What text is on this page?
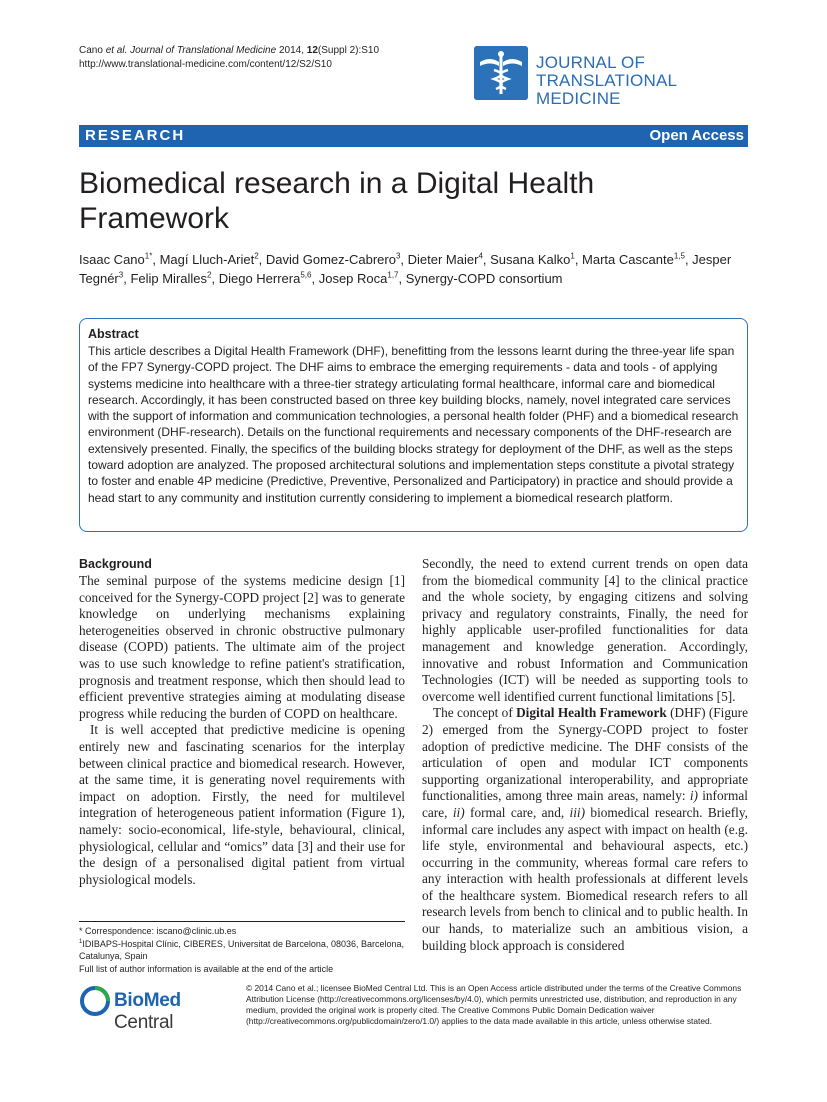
Cano et al. Journal of Translational Medicine 2014, 12(Suppl 2):S10
http://www.translational-medicine.com/content/12/S2/S10	JOURNAL OF
TRANSLATIONAL MEDICINE
RESEARCH	Open Access
Biomedical research in a Digital Health Framework
Isaac Cano$^{1*}$, Magí Lluch-Ariet$^2$, David Gomez-Cabrero$^3$, Dieter Maier$^4$, Susana Kalko$^1$, Marta Cascante$^{1,5}$, Jesper Tegnér$^3$, Felip Miralles$^2$, Diego Herrera$^{5,6}$, Josep Roca$^{1,7}$, Synergy-COPD consortium
Abstract
This article describes a Digital Health Framework (DHF), benefitting from the lessons learnt during the three-year life span of the FP7 Synergy-COPD project. The DHF aims to embrace the emerging requirements - data and tools - of applying systems medicine into healthcare with a three-tier strategy articulating formal healthcare, informal care and biomedical research. Accordingly, it has been constructed based on three key building blocks, namely, novel integrated care services with the support of information and communication technologies, a personal health folder (PHF) and a biomedical research environment (DHF-research). Details on the functional requirements and necessary components of the DHF-research are extensively presented. Finally, the specifics of the building blocks strategy for deployment of the DHF, as well as the steps toward adoption are analyzed. The proposed architectural solutions and implementation steps constitute a pivotal strategy to foster and enable 4P medicine (Predictive, Preventive, Personalized and Participatory) in practice and should provide a head start to any community and institution currently considering to implement a biomedical research platform.
Background

The seminal purpose of the systems medicine design [1] conceived for the Synergy-COPD project [2] was to generate knowledge on underlying mechanisms explaining heterogeneities observed in chronic obstructive pulmonary disease (COPD) patients. The ultimate aim of the project was to use such knowledge to refine patient's stratification, prognosis and treatment response, which then should lead to efficient preventive strategies aiming at modulating disease progress while reducing the burden of COPD on healthcare.

It is well accepted that predictive medicine is opening entirely new and fascinating scenarios for the interplay between clinical practice and biomedical research. However, at the same time, it is generating novel requirements with impact on adoption. Firstly, the need for multilevel integration of heterogeneous patient information (Figure 1), namely: socio-economical, life-style, behavioural, clinical, physiological, cellular and “omics” data [3] and their use for the design of a personalised digital patient from virtual physiological models.

Secondly, the need to extend current trends on open data from the biomedical community [4] to the clinical practice and the whole society, by engaging citizens and solving privacy and regulatory constraints, Finally, the need for highly applicable user-profiled functionalities for data management and knowledge generation. Accordingly, innovative and robust Information and Communication Technologies (ICT) will be needed as supporting tools to overcome well identified current functional limitations [5].

The concept of Digital Health Framework (DHF) (Figure 2) emerged from the Synergy-COPD project to foster adoption of predictive medicine. The DHF consists of the articulation of open and modular ICT components supporting organizational interoperability, and appropriate functionalities, among three main areas, namely: i) informal care, ii) formal care, and, iii) biomedical research. Briefly, informal care includes any aspect with impact on health (e.g. life style, environmental and behavioural aspects, etc.) occurring in the community, whereas formal care refers to any interaction with health professionals at different levels of the healthcare system. Biomedical research refers to all research levels from bench to clinical and to public health. In our hands, to materialize such an ambitious vision, a building block approach is considered

* Correspondence: iscano@clinic.ub.es
$^1$IDIBAPS-Hospital Clínic, CIBERES, Universitat de Barcelona, 08036, Barcelona, Catalunya, Spain
Full list of author information is available at the end of the article
BioMed Central
© 2014 Cano et al.; licensee BioMed Central Ltd. This is an Open Access article distributed under the terms of the Creative Commons Attribution License (http://creativecommons.org/licenses/by/4.0), which permits unrestricted use, distribution, and reproduction in any medium, provided the original work is properly cited. The Creative Commons Public Domain Dedication waiver (http://creativecommons.org/publicdomain/zero/1.0/) applies to the data made available in this article, unless otherwise stated.
